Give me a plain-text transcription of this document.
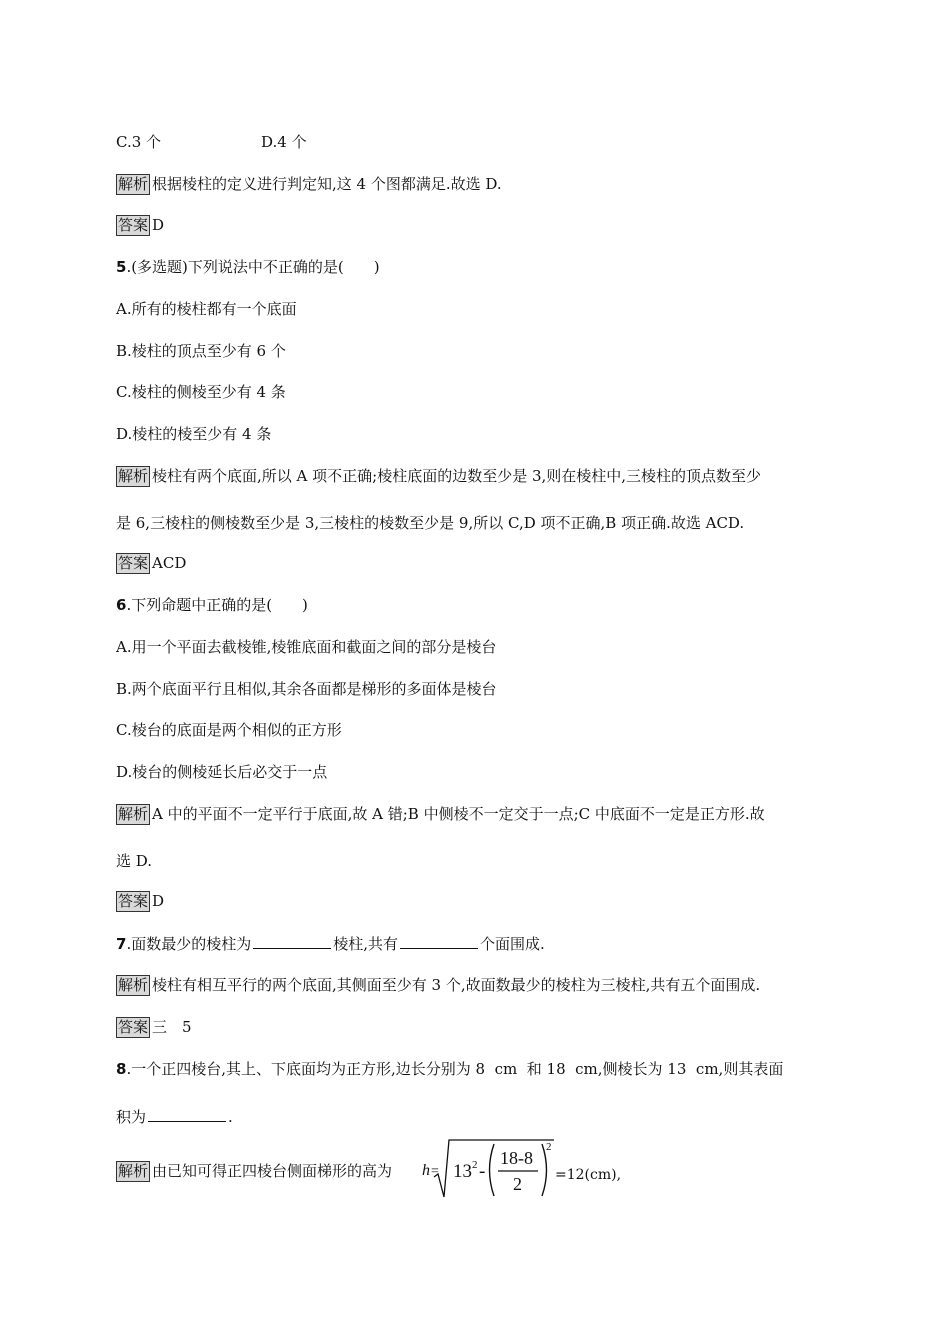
C.3 个	D.4 个
解析 根据棱柱的定义进行判定知,这 4 个图都满足.故选 D.
答案 D
5.(多选题)下列说法中不正确的是(　　)
A.所有的棱柱都有一个底面
B.棱柱的顶点至少有 6 个
C.棱柱的侧棱至少有 4 条
D.棱柱的棱至少有 4 条
解析 棱柱有两个底面,所以 A 项不正确;棱柱底面的边数至少是 3,则在棱柱中,三棱柱的顶点数至少
是 6,三棱柱的侧棱数至少是 3,三棱柱的棱数至少是 9,所以 C,D 项不正确,B 项正确.故选 ACD.
答案 ACD
6.下列命题中正确的是(　　)
A.用一个平面去截棱锥,棱锥底面和截面之间的部分是棱台
B.两个底面平行且相似,其余各面都是梯形的多面体是棱台
C.棱台的底面是两个相似的正方形
D.棱台的侧棱延长后必交于一点
解析 A 中的平面不一定平行于底面,故 A 错;B 中侧棱不一定交于一点;C 中底面不一定是正方形.故
选 D.
答案 D
7.面数最少的棱柱为	棱柱,共有	个面围成.
解析 棱柱有相互平行的两个底面,其侧面至少有 3 个,故面数最少的棱柱为三棱柱,共有五个面围成.
答案 三　5
8.一个正四棱台,其上、下底面均为正方形,边长分别为 8  cm  和 18  cm,侧棱长为 13  cm,则其表面
积为	.
解析 由已知可得正四棱台侧面梯形的高为 h = 13 2 -
18-8
2
2
=12(cm),
